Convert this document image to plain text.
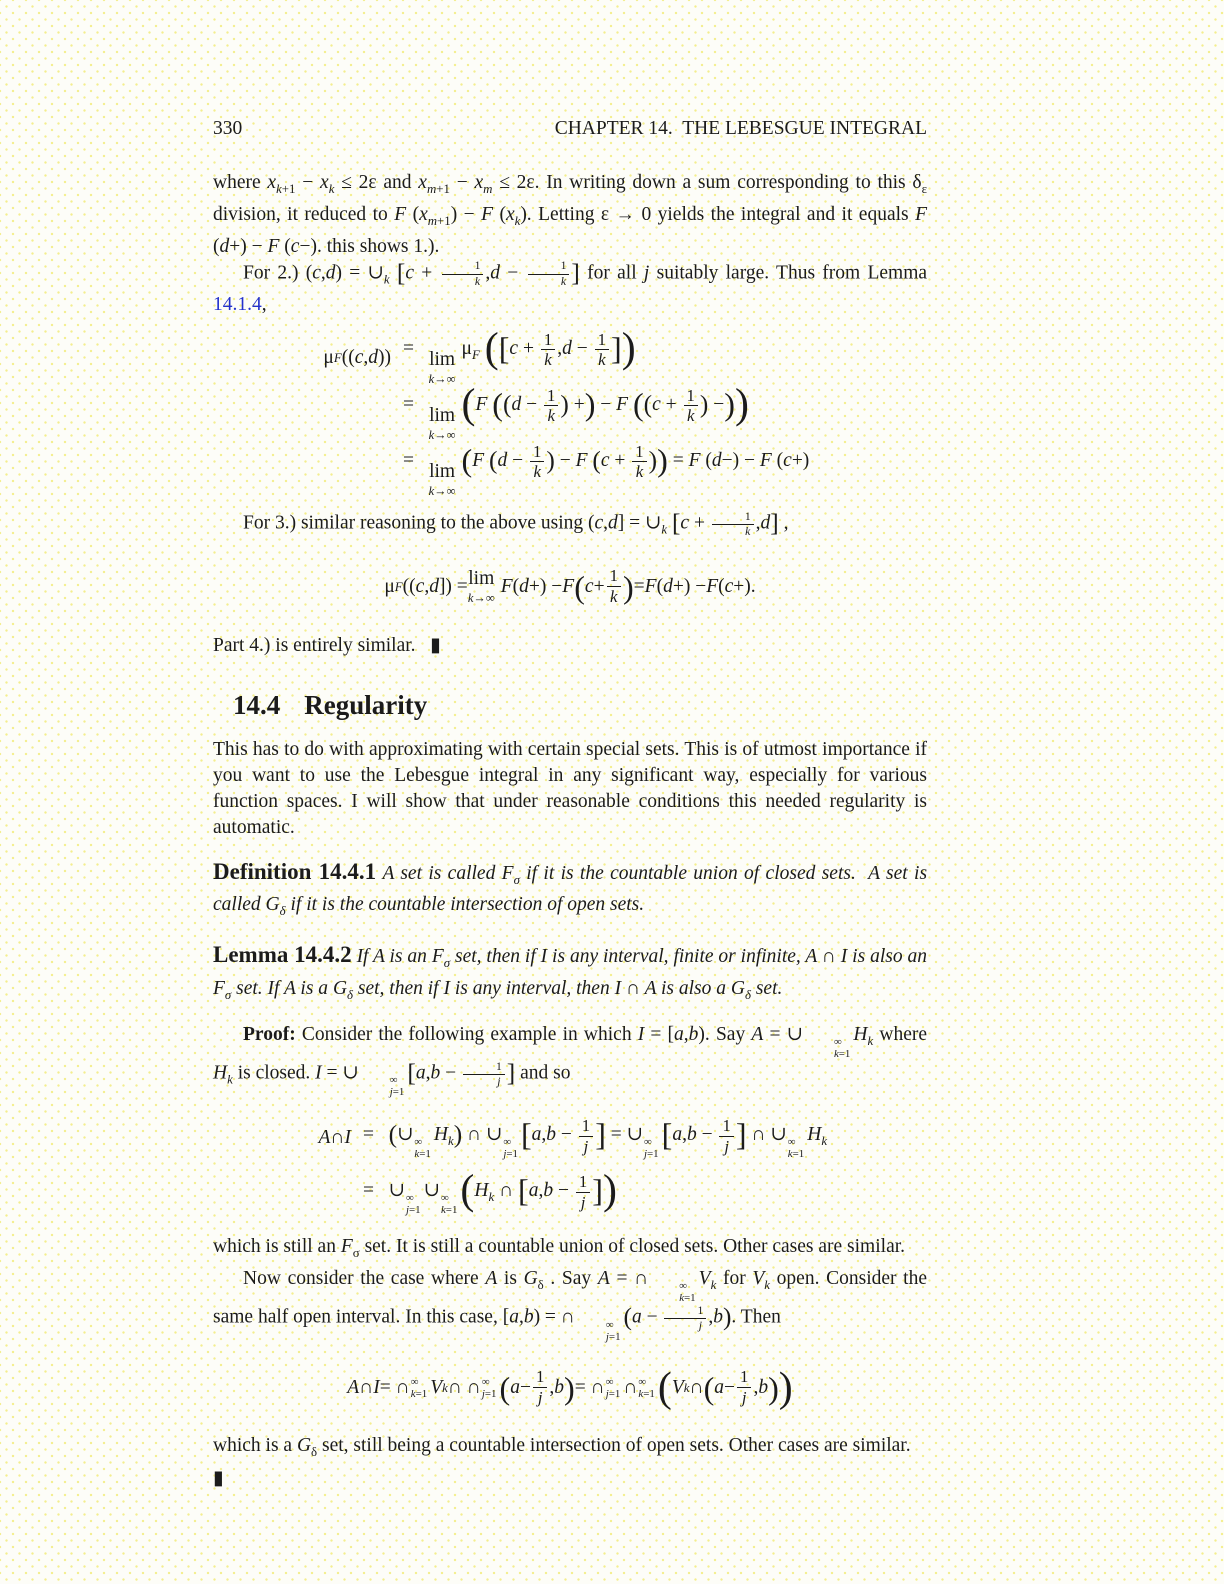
330	CHAPTER 14.  THE LEBESGUE INTEGRAL

where $x_{k+1} - x_k \le 2\varepsilon$ and $x_{m+1} - x_m \le 2\varepsilon$. In writing down a sum corresponding to this $\delta_\varepsilon$ division, it reduced to F $(x_{m+1}) - F$ $(x_k)$. Letting ε → 0 yields the integral and it equals F (d+) − F (c−). this shows 1.).

For 2.) $(c,d) = \cup_k$ [$c + \frac{1}{k} ,d - \frac{1}{k}$ ] for all j suitably large. Thus from Lemma 14.1.4,

μ F (( c , d )) =
lim
k→∞
$\mu_F$ ([$c + \frac{1}{k} ,d - \frac{1}{k}$ ])
=
lim
k→∞
(F (($d - \frac{1}{k}$ ) +) − F (($c + \frac{1}{k}$ ) −))
=
lim
k→∞
(F ($d - \frac{1}{k}$ ) − F ($c + \frac{1}{k}$ )) = F (d−) − F (c+)

For 3.) similar reasoning to the above using $(c,d] = \cup_k$ $[c + \frac{1}{k} ,d]$ ,

μ F (( c , d ]) = lim
k→∞
F ( d +) − F ( $c + \frac{1}{k}$ ) = F ( d +) − F ( c +).

Part 4.) is entirely similar.   ▮

14.4 Regularity

This has to do with approximating with certain special sets. This is of utmost importance if you want to use the Lebesgue integral in any significant way, especially for various function spaces. I will show that under reasonable conditions this needed regularity is automatic.

Definition 14.4.1 A set is called $F_\sigma$ if it is the countable union of closed sets.  A set is called $G_\delta$ if it is the countable intersection of open sets.

Lemma 14.4.2 If A is an $F_\sigma$ set, then if I is any interval, finite or infinite, A ∩ I is also an $F_\sigma$ set. If A is a $G_\delta$ set, then if I is any interval, then I ∩ A is also a $G_\delta$ set.

Proof: Consider the following example in which I = [a,b). Say A = ∪	∞
k=1
$H_k$ where $H_k$ is closed. I = ∪	∞
j=1
[$a,b - \frac{1}{j}$ ] and so

A ∩ I =   (∪ ∞
k=1
$H_k$) ∩ ∪ ∞
j=1
[$a,b - \frac{1}{j}$ ] = ∪ ∞
j=1
[$a,b - \frac{1}{j}$ ] ∩ ∪ ∞
k=1
$H_k$
=   ∪ ∞
j=1
∪ ∞
k=1 ($H_k$ ∩ [$a,b - \frac{1}{j}$ ])

which is still an $F_\sigma$ set. It is still a countable union of closed sets. Other cases are similar.

Now consider the case where A is $G_\delta$ . Say A = ∩	∞
k=1
$V_k$ for $V_k$ open. Consider the same half open interval. In this case, [a,b) = ∩	∞
j=1
$(a - \frac{1}{j} ,b)$. Then

A ∩ I = ∩ ∞
k=1 V k ∩ ∩ ∞
j=1 ( $a - \frac{1}{j}$ , b ) = ∩ ∞
j=1 ∩ ∞
k=1 ( V k ∩ ( $a - \frac{1}{j}$ , b ) )

which is a $G_\delta$ set, still being a countable intersection of open sets. Other cases are similar.

▮
